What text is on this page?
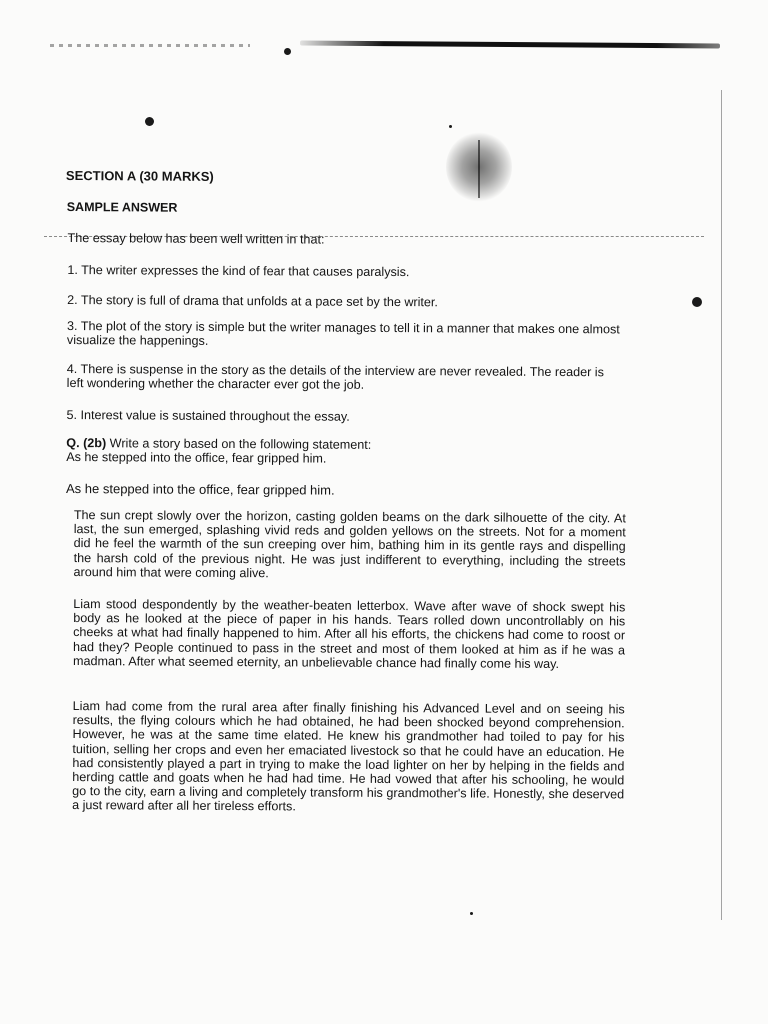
SECTION A (30 MARKS)

SAMPLE ANSWER

The essay below has been well written in that:

1. The writer expresses the kind of fear that causes paralysis.

2. The story is full of drama that unfolds at a pace set by the writer.

3. The plot of the story is simple but the writer manages to tell it in a manner that makes one almost visualize the happenings.

4. There is suspense in the story as the details of the interview are never revealed. The reader is left wondering whether the character ever got the job.

5. Interest value is sustained throughout the essay.

Q. (2b) Write a story based on the following statement:

As he stepped into the office, fear gripped him.

As he stepped into the office, fear gripped him.

The sun crept slowly over the horizon, casting golden beams on the dark silhouette of the city. At last, the sun emerged, splashing vivid reds and golden yellows on the streets. Not for a moment did he feel the warmth of the sun creeping over him, bathing him in its gentle rays and dispelling the harsh cold of the previous night. He was just indifferent to everything, including the streets around him that were coming alive.

Liam stood despondently by the weather-beaten letterbox. Wave after wave of shock swept his body as he looked at the piece of paper in his hands. Tears rolled down uncontrollably on his cheeks at what had finally happened to him. After all his efforts, the chickens had come to roost or had they? People continued to pass in the street and most of them looked at him as if he was a madman. After what seemed eternity, an unbelievable chance had finally come his way.

Liam had come from the rural area after finally finishing his Advanced Level and on seeing his results, the flying colours which he had obtained, he had been shocked beyond comprehension. However, he was at the same time elated. He knew his grandmother had toiled to pay for his tuition, selling her crops and even her emaciated livestock so that he could have an education. He had consistently played a part in trying to make the load lighter on her by helping in the fields and herding cattle and goats when he had had time. He had vowed that after his schooling, he would go to the city, earn a living and completely transform his grandmother's life. Honestly, she deserved a just reward after all her tireless efforts.
